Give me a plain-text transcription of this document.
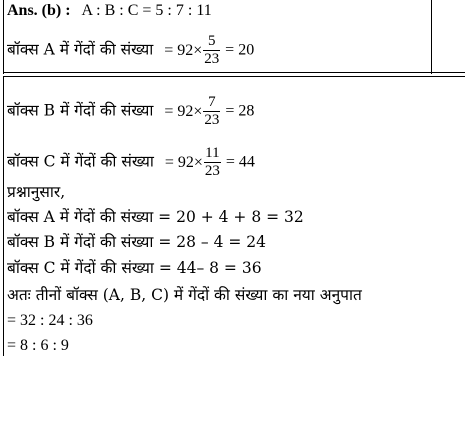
Ans. (b) : A : B : C = 5 : 7 : 11
बॉक्स A में गेंदों की संख्या = $92\times \frac{5}{23} = 20$
बॉक्स B में गेंदों की संख्या = $92\times \frac{7}{23} = 28$
बॉक्स C में गेंदों की संख्या = $92\times \frac{11}{23} = 44$
प्रश्नानुसार,
बॉक्स A में गेंदों की संख्या = 20 + 4 + 8 = 32
बॉक्स B में गेंदों की संख्या = 28 – 4 = 24
बॉक्स C में गेंदों की संख्या = 44– 8 = 36
अतः तीनों बॉक्स (A, B, C) में गेंदों की संख्या का नया अनुपात
= 32 : 24 : 36
= 8 : 6 : 9
